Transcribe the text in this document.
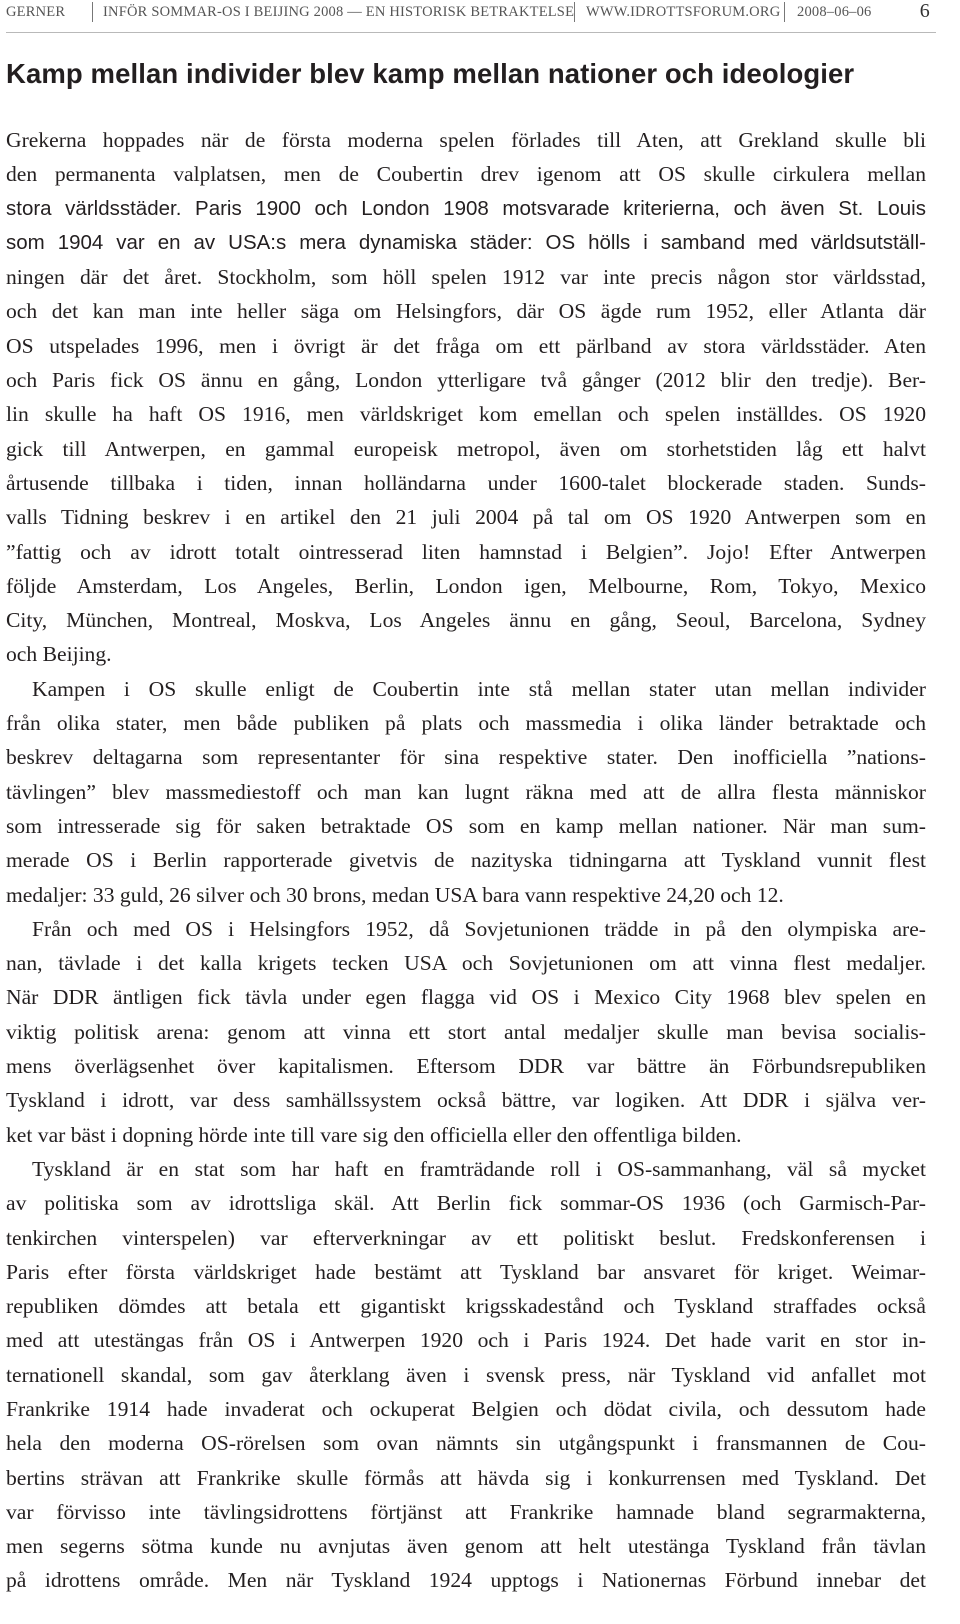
GERNER	INFÖR SOMMAR-OS I BEIJING 2008 — EN HISTORISK BETRAKTELSE WWW.IDROTTSFORUM.ORG 2008–06–06 6
Kamp mellan individer blev kamp mellan nationer och ideologier
Grekerna hoppades när de första moderna spelen förlades till Aten, att Grekland skulle bli
den permanenta valplatsen, men de Coubertin drev igenom att OS skulle cirkulera mellan
stora världsstäder. Paris 1900 och London 1908 motsvarade kriterierna, och även St. Louis
som 1904 var en av USA:s mera dynamiska städer: OS hölls i samband med världsutställ-
ningen där det året. Stockholm, som höll spelen 1912 var inte precis någon stor världsstad,
och det kan man inte heller säga om Helsingfors, där OS ägde rum 1952, eller Atlanta där
OS utspelades 1996, men i övrigt är det fråga om ett pärlband av stora världsstäder. Aten
och Paris fick OS ännu en gång, London ytterligare två gånger (2012 blir den tredje). Ber-
lin skulle ha haft OS 1916, men världskriget kom emellan och spelen inställdes. OS 1920
gick till Antwerpen, en gammal europeisk metropol, även om storhetstiden låg ett halvt
årtusende tillbaka i tiden, innan holländarna under 1600-talet blockerade staden. Sunds-
valls Tidning beskrev i en artikel den 21 juli 2004 på tal om OS 1920 Antwerpen som en
”fattig och av idrott totalt ointresserad liten hamnstad i Belgien”. Jojo! Efter Antwerpen
följde Amsterdam, Los Angeles, Berlin, London igen, Melbourne, Rom, Tokyo, Mexico
City, München, Montreal, Moskva, Los Angeles ännu en gång, Seoul, Barcelona, Sydney
och Beijing.
Kampen i OS skulle enligt de Coubertin inte stå mellan stater utan mellan individer
från olika stater, men både publiken på plats och massmedia i olika länder betraktade och
beskrev deltagarna som representanter för sina respektive stater. Den inofficiella ”nations-
tävlingen” blev massmediestoff och man kan lugnt räkna med att de allra flesta människor
som intresserade sig för saken betraktade OS som en kamp mellan nationer. När man sum-
merade OS i Berlin rapporterade givetvis de nazityska tidningarna att Tyskland vunnit flest
medaljer: 33 guld, 26 silver och 30 brons, medan USA bara vann respektive 24,20 och 12.
Från och med OS i Helsingfors 1952, då Sovjetunionen trädde in på den olympiska are-
nan, tävlade i det kalla krigets tecken USA och Sovjetunionen om att vinna flest medaljer.
När DDR äntligen fick tävla under egen flagga vid OS i Mexico City 1968 blev spelen en
viktig politisk arena: genom att vinna ett stort antal medaljer skulle man bevisa socialis-
mens överlägsenhet över kapitalismen. Eftersom DDR var bättre än Förbundsrepubliken
Tyskland i idrott, var dess samhällssystem också bättre, var logiken. Att DDR i själva ver-
ket var bäst i dopning hörde inte till vare sig den officiella eller den offentliga bilden.
Tyskland är en stat som har haft en framträdande roll i OS-sammanhang, väl så mycket
av politiska som av idrottsliga skäl. Att Berlin fick sommar-OS 1936 (och Garmisch-Par-
tenkirchen vinterspelen) var efterverkningar av ett politiskt beslut. Fredskonferensen i
Paris efter första världskriget hade bestämt att Tyskland bar ansvaret för kriget. Weimar-
republiken dömdes att betala ett gigantiskt krigsskadestånd och Tyskland straffades också
med att utestängas från OS i Antwerpen 1920 och i Paris 1924. Det hade varit en stor in-
ternationell skandal, som gav återklang även i svensk press, när Tyskland vid anfallet mot
Frankrike 1914 hade invaderat och ockuperat Belgien och dödat civila, och dessutom hade
hela den moderna OS-rörelsen som ovan nämnts sin utgångspunkt i fransmannen de Cou-
bertins strävan att Frankrike skulle förmås att hävda sig i konkurrensen med Tyskland. Det
var förvisso inte tävlingsidrottens förtjänst att Frankrike hamnade bland segrarmakterna,
men segerns sötma kunde nu avnjutas även genom att helt utestänga Tyskland från tävlan
på idrottens område. Men när Tyskland 1924 upptogs i Nationernas Förbund innebar det
